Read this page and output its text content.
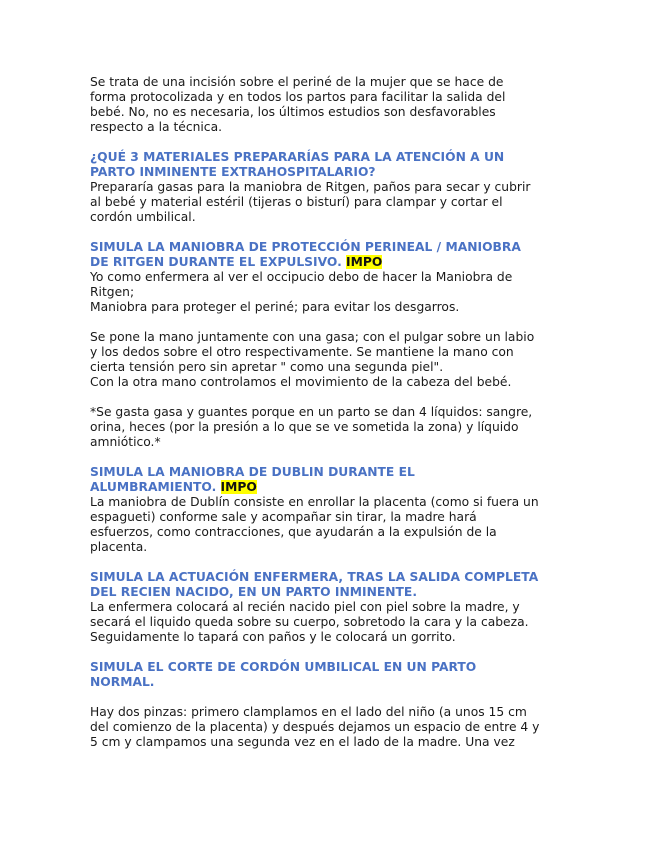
Se trata de una incisión sobre el periné de la mujer que se hace de

forma protocolizada y en todos los partos para facilitar la salida del

bebé. No, no es necesaria, los últimos estudios son desfavorables

respecto a la técnica.

¿QUÉ 3 MATERIALES PREPARARÍAS PARA LA ATENCIÓN A UN

PARTO INMINENTE EXTRAHOSPITALARIO?

Prepararía gasas para la maniobra de Ritgen, paños para secar y cubrir

al bebé y material estéril (tijeras o bisturí) para clampar y cortar el

cordón umbilical.

SIMULA LA MANIOBRA DE PROTECCIÓN PERINEAL / MANIOBRA

DE RITGEN DURANTE EL EXPULSIVO. IMPO

Yo como enfermera al ver el occipucio debo de hacer la Maniobra de

Ritgen;

Maniobra para proteger el periné; para evitar los desgarros.

Se pone la mano juntamente con una gasa; con el pulgar sobre un labio

y los dedos sobre el otro respectivamente. Se mantiene la mano con

cierta tensión pero sin apretar " como una segunda piel".

Con la otra mano controlamos el movimiento de la cabeza del bebé.

*Se gasta gasa y guantes porque en un parto se dan 4 líquidos: sangre,

orina, heces (por la presión a lo que se ve sometida la zona) y líquido

amniótico.*

SIMULA LA MANIOBRA DE DUBLIN DURANTE EL

ALUMBRAMIENTO. IMPO

La maniobra de Dublín consiste en enrollar la placenta (como si fuera un

espagueti) conforme sale y acompañar sin tirar, la madre hará

esfuerzos, como contracciones, que ayudarán a la expulsión de la

placenta.

SIMULA LA ACTUACIÓN ENFERMERA, TRAS LA SALIDA COMPLETA

DEL RECIEN NACIDO, EN UN PARTO INMINENTE.

La enfermera colocará al recién nacido piel con piel sobre la madre, y

secará el liquido queda sobre su cuerpo, sobretodo la cara y la cabeza.

Seguidamente lo tapará con paños y le colocará un gorrito.

SIMULA EL CORTE DE CORDÓN UMBILICAL EN UN PARTO

NORMAL.

Hay dos pinzas: primero clamplamos en el lado del niño (a unos 15 cm

del comienzo de la placenta) y después dejamos un espacio de entre 4 y

5 cm y clampamos una segunda vez en el lado de la madre. Una vez
